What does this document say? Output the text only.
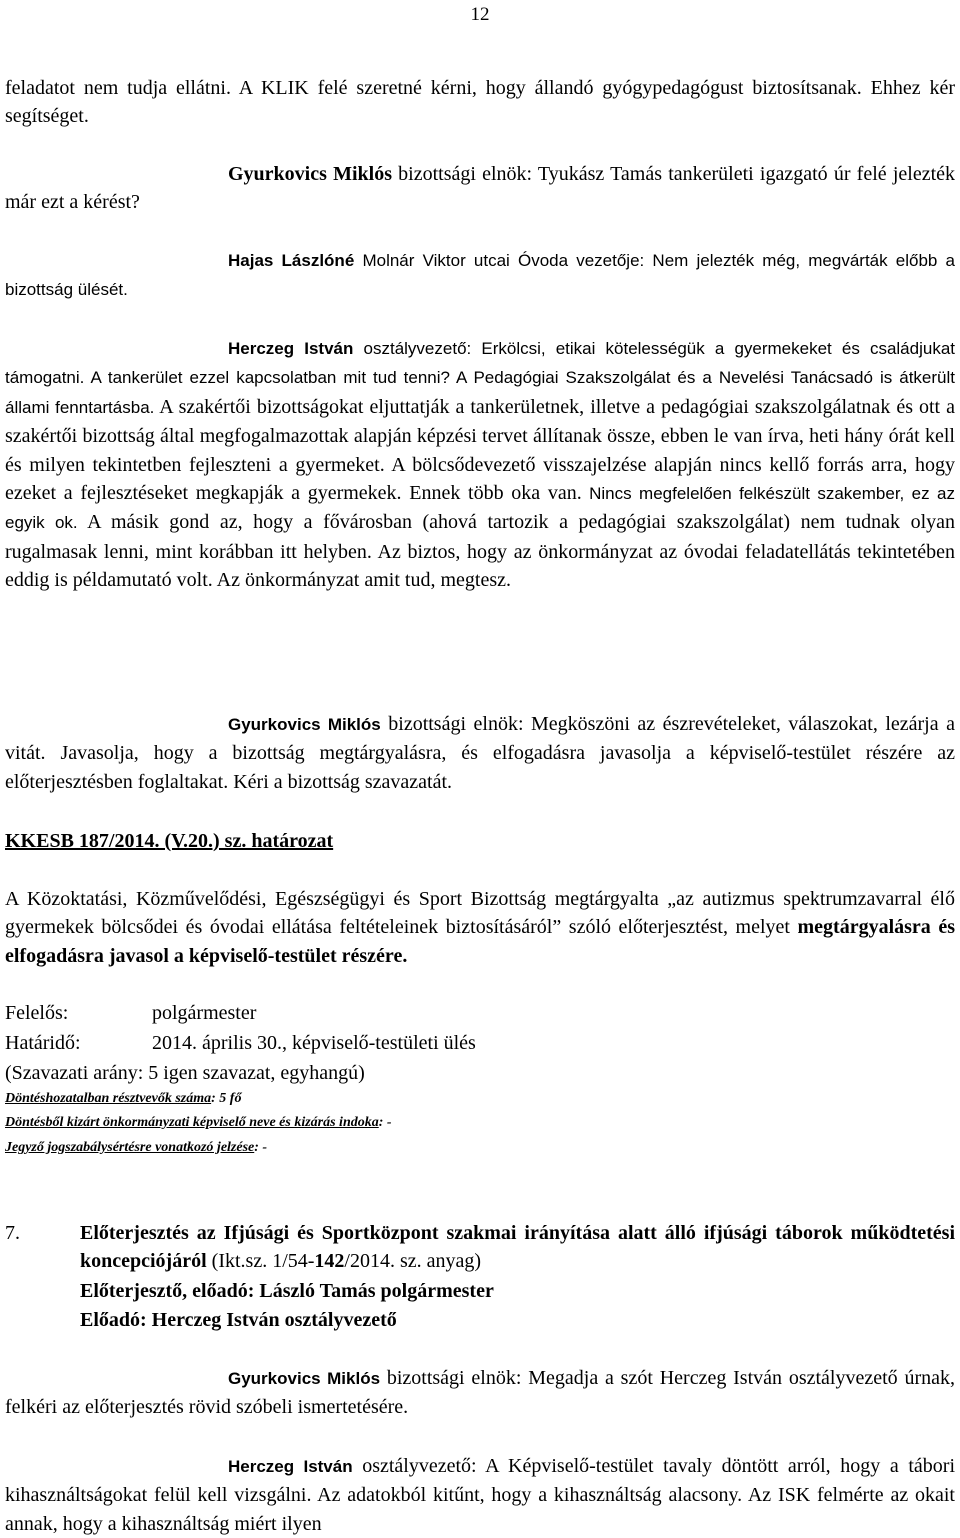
12
feladatot nem tudja ellátni. A KLIK felé szeretné kérni, hogy állandó gyógypedagógust biztosítsanak. Ehhez kér segítséget.
Gyurkovics Miklós bizottsági elnök: Tyukász Tamás tankerületi igazgató úr felé jelezték már ezt a kérést?
Hajas Lászlóné Molnár Viktor utcai Óvoda vezetője: Nem jelezték még, megvárták előbb a bizottság ülését.
Herczeg István osztályvezető: Erkölcsi, etikai kötelességük a gyermekeket és családjukat támogatni. A tankerület ezzel kapcsolatban mit tud tenni? A Pedagógiai Szakszolgálat és a Nevelési Tanácsadó is átkerült állami fenntartásba. A szakértői bizottságokat eljuttatják a tankerületnek, illetve a pedagógiai szakszolgálatnak és ott a szakértői bizottság által megfogalmazottak alapján képzési tervet állítanak össze, ebben le van írva, heti hány órát kell és milyen tekintetben fejleszteni a gyermeket. A bölcsődevezető visszajelzése alapján nincs kellő forrás arra, hogy ezeket a fejlesztéseket megkapják a gyermekek. Ennek több oka van. Nincs megfelelően felkészült szakember, ez az egyik ok. A másik gond az, hogy a fővárosban (ahová tartozik a pedagógiai szakszolgálat) nem tudnak olyan rugalmasak lenni, mint korábban itt helyben. Az biztos, hogy az önkormányzat az óvodai feladatellátás tekintetében eddig is példamutató volt. Az önkormányzat amit tud, megtesz.
Gyurkovics Miklós bizottsági elnök: Megköszöni az észrevételeket, válaszokat, lezárja a vitát. Javasolja, hogy a bizottság megtárgyalásra, és elfogadásra javasolja a képviselő-testület részére az előterjesztésben foglaltakat. Kéri a bizottság szavazatát.
KKESB 187/2014. (V.20.) sz. határozat
A Közoktatási, Közművelődési, Egészségügyi és Sport Bizottság megtárgyalta „az autizmus spektrumzavarral élő gyermekek bölcsődei és óvodai ellátása feltételeinek biztosításáról” szóló előterjesztést, melyet megtárgyalásra és elfogadásra javasol a képviselő-testület részére.
Felelős:	polgármester
Határidő:	2014. április 30., képviselő-testületi ülés
(Szavazati arány: 5 igen szavazat, egyhangú)
Döntéshozatalban résztvevők száma: 5 fő
Döntésből kizárt önkormányzati képviselő neve és kizárás indoka: -
Jegyző jogszabálysértésre vonatkozó jelzése: -
7.	Előterjesztés az Ifjúsági és Sportközpont szakmai irányítása alatt álló ifjúsági táborok működtetési koncepciójáról (Ikt.sz. 1/54-142/2014. sz. anyag)
Előterjesztő, előadó: László Tamás polgármester
Előadó: Herczeg István osztályvezető
Gyurkovics Miklós bizottsági elnök: Megadja a szót Herczeg István osztályvezető úrnak, felkéri az előterjesztés rövid szóbeli ismertetésére.
Herczeg István osztályvezető: A Képviselő-testület tavaly döntött arról, hogy a tábori kihasználtságokat felül kell vizsgálni. Az adatokból kitűnt, hogy a kihasználtság alacsony. Az ISK felmérte az okait annak, hogy a kihasználtság miért ilyen
